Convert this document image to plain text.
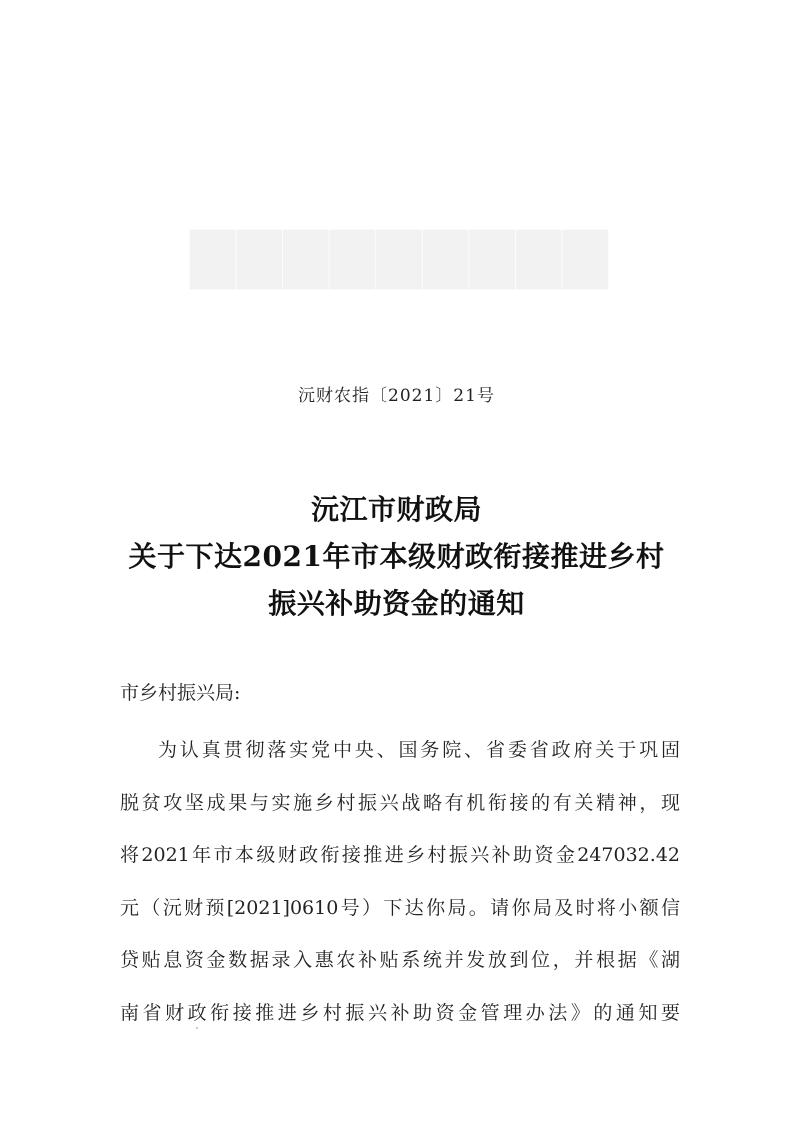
▇▇▇▇▇▇▇▇▇
沅财农指〔2021〕21号
沅江市财政局
关于下达2021年市本级财政衔接推进乡村
振兴补助资金的通知
市乡村振兴局:
为认真贯彻落实党中央、国务院、省委省政府关于巩固
脱贫攻坚成果与实施乡村振兴战略有机衔接的有关精神，现
将2021年市本级财政衔接推进乡村振兴补助资金247032.42
元（沅财预[2021]0610号）下达你局。请你局及时将小额信
贷贴息资金数据录入惠农补贴系统并发放到位，并根据《湖
南省财政衔接推进乡村振兴补助资金管理办法》的通知要
